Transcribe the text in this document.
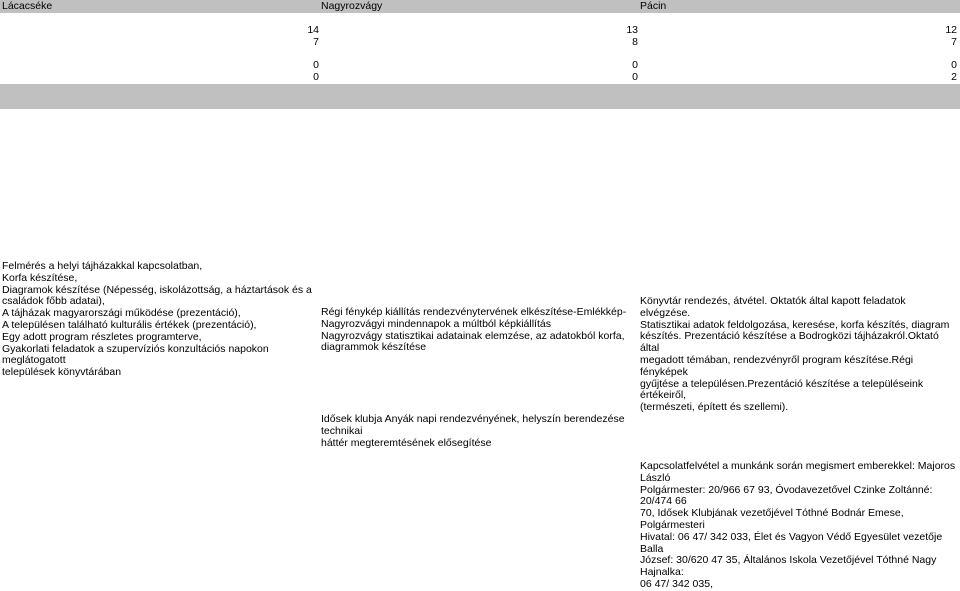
Lácacséke	Nagyrozvágy	Pácin
14
7
13
8
12
7
0
0
0
0
0
2
Felmérés a helyi tájházakkal kapcsolatban,
Korfa készítése,
Diagramok készítése (Népesség, iskolázottság, a háztartások és a
családok főbb adatai),
A tájházak magyarországi működése (prezentáció),
A településen található kulturális értékek (prezentáció),
Egy adott program részletes programterve,
Gyakorlati feladatok a szupervíziós konzultációs napokon meglátogatott
települések könyvtárában
Régi fénykép kiállítás rendezvénytervének elkészítése-Emlékkép-
Nagyrozvágyi mindennapok a múltból képkiállítás
Nagyrozvágy statisztikai adatainak elemzése, az adatokból korfa,
diagrammok készítése
Könyvtár rendezés, átvétel. Oktatók által kapott feladatok elvégzése.
Statisztikai adatok feldolgozása, keresése, korfa készítés, diagram
készítés. Prezentáció készítése a Bodrogközi tájházakról.Oktató által
megadott témában, rendezvényről program készítése.Régi fényképek
gyűjtése a településen.Prezentáció készítése a településeink értékeiről,
(természeti, épített és szellemi).
Idősek klubja Anyák napi rendezvényének, helyszín berendezése technikai
háttér megteremtésének elősegítése
Kapcsolatfelvétel a munkánk során megismert emberekkel: Majoros László
Polgármester: 20/966 67 93, Óvodavezetővel Czinke Zoltánné: 20/474 66
70, Idősek Klubjának vezetőjével Tóthné Bodnár Emese, Polgármesteri
Hivatal: 06 47/ 342 033, Élet és Vagyon Védő Egyesület vezetője Balla
József: 30/620 47 35, Általános Iskola Vezetőjével Tóthné Nagy Hajnalka:
06 47/ 342 035,
